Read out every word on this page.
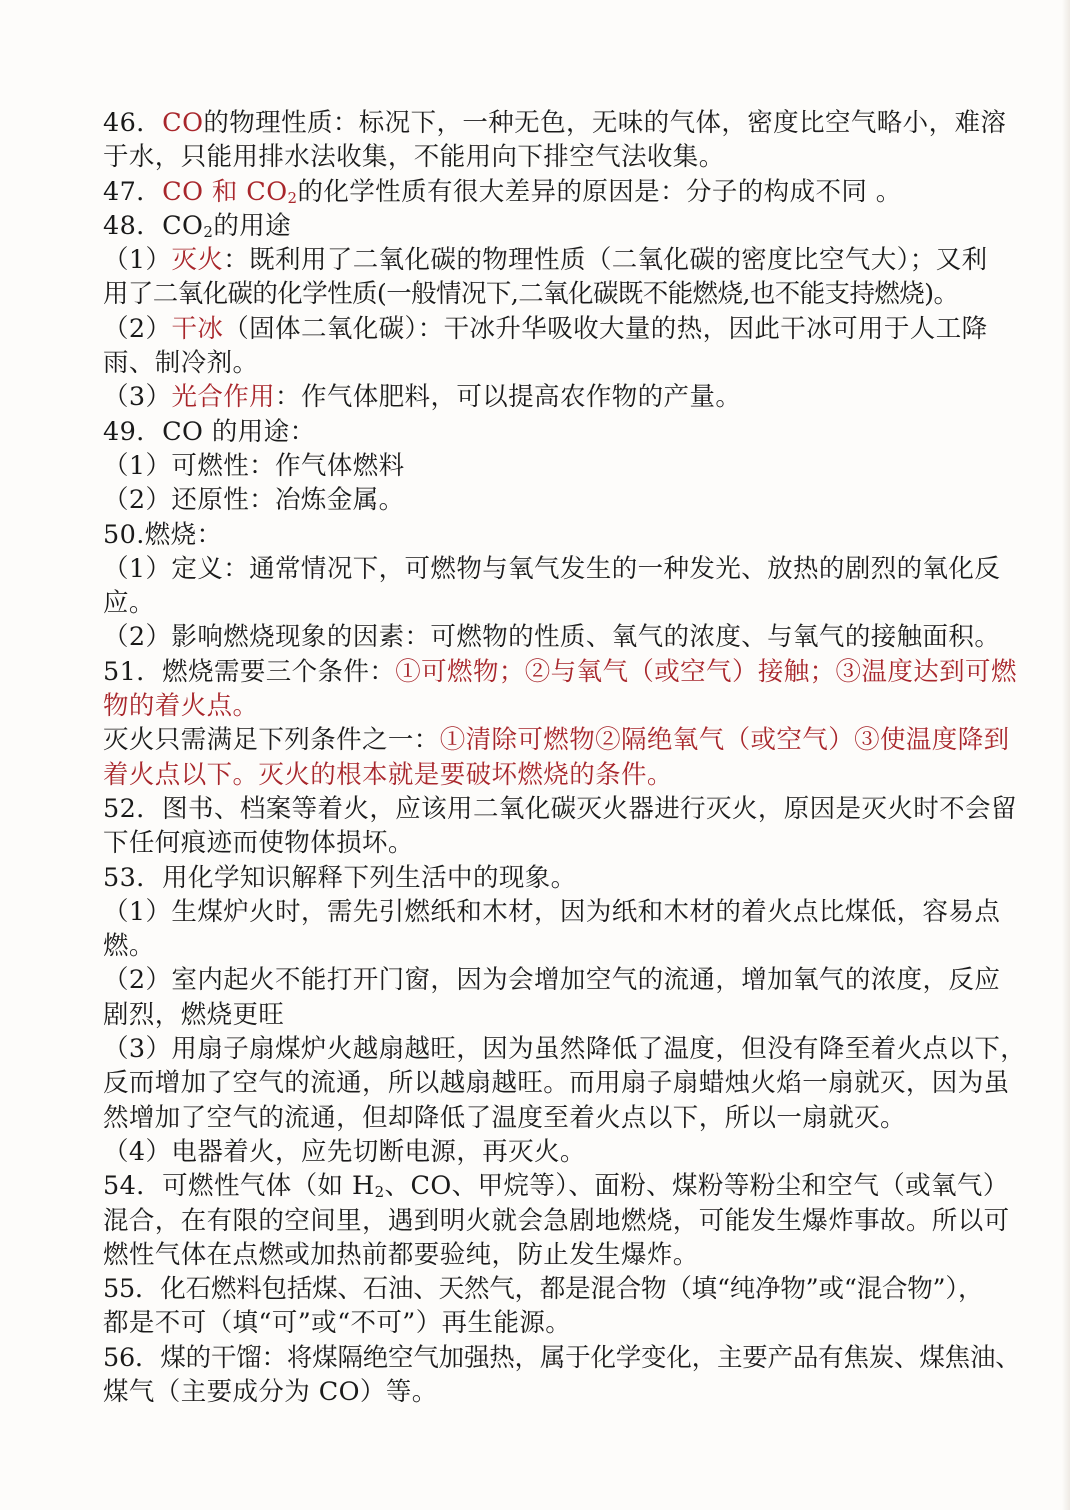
46．CO的物理性质：标况下，一种无色，无味的气体，密度比空气略小，难溶
于水，只能用排水法收集，不能用向下排空气法收集。
47．CO 和 $CO_2$的化学性质有很大差异的原因是：分子的构成不同 。
48．$CO_2$的用途
（1）灭火：既利用了二氧化碳的物理性质（二氧化碳的密度比空气大）；又利
用了二氧化碳的化学性质(一般情况下,二氧化碳既不能燃烧,也不能支持燃烧)。
（2）干冰（固体二氧化碳）：干冰升华吸收大量的热，因此干冰可用于人工降
雨、制冷剂。
（3）光合作用：作气体肥料，可以提高农作物的产量。
49．CO 的用途：
（1）可燃性：作气体燃料
（2）还原性：冶炼金属。
50.燃烧：
（1）定义：通常情况下，可燃物与氧气发生的一种发光、放热的剧烈的氧化反
应。
（2）影响燃烧现象的因素：可燃物的性质、氧气的浓度、与氧气的接触面积。
51．燃烧需要三个条件：①可燃物；②与氧气（或空气）接触；③温度达到可燃
物的着火点。
灭火只需满足下列条件之一：①清除可燃物②隔绝氧气（或空气）③使温度降到
着火点以下。灭火的根本就是要破坏燃烧的条件。
52．图书、档案等着火，应该用二氧化碳灭火器进行灭火，原因是灭火时不会留
下任何痕迹而使物体损坏。
53．用化学知识解释下列生活中的现象。
（1）生煤炉火时，需先引燃纸和木材，因为纸和木材的着火点比煤低，容易点
燃。
（2）室内起火不能打开门窗，因为会增加空气的流通，增加氧气的浓度，反应
剧烈，燃烧更旺
（3）用扇子扇煤炉火越扇越旺，因为虽然降低了温度，但没有降至着火点以下，
反而增加了空气的流通，所以越扇越旺。而用扇子扇蜡烛火焰一扇就灭，因为虽
然增加了空气的流通，但却降低了温度至着火点以下，所以一扇就灭。
（4）电器着火，应先切断电源，再灭火。
54．可燃性气体（如 $H_2$、CO、甲烷等）、面粉、煤粉等粉尘和空气（或氧气）
混合，在有限的空间里，遇到明火就会急剧地燃烧，可能发生爆炸事故。所以可
燃性气体在点燃或加热前都要验纯，防止发生爆炸。
55．化石燃料包括煤、石油、天然气，都是混合物（填“纯净物”或“混合物”），
都是不可（填“可”或“不可”）再生能源。
56．煤的干馏：将煤隔绝空气加强热，属于化学变化，主要产品有焦炭、煤焦油、
煤气（主要成分为 CO）等。
